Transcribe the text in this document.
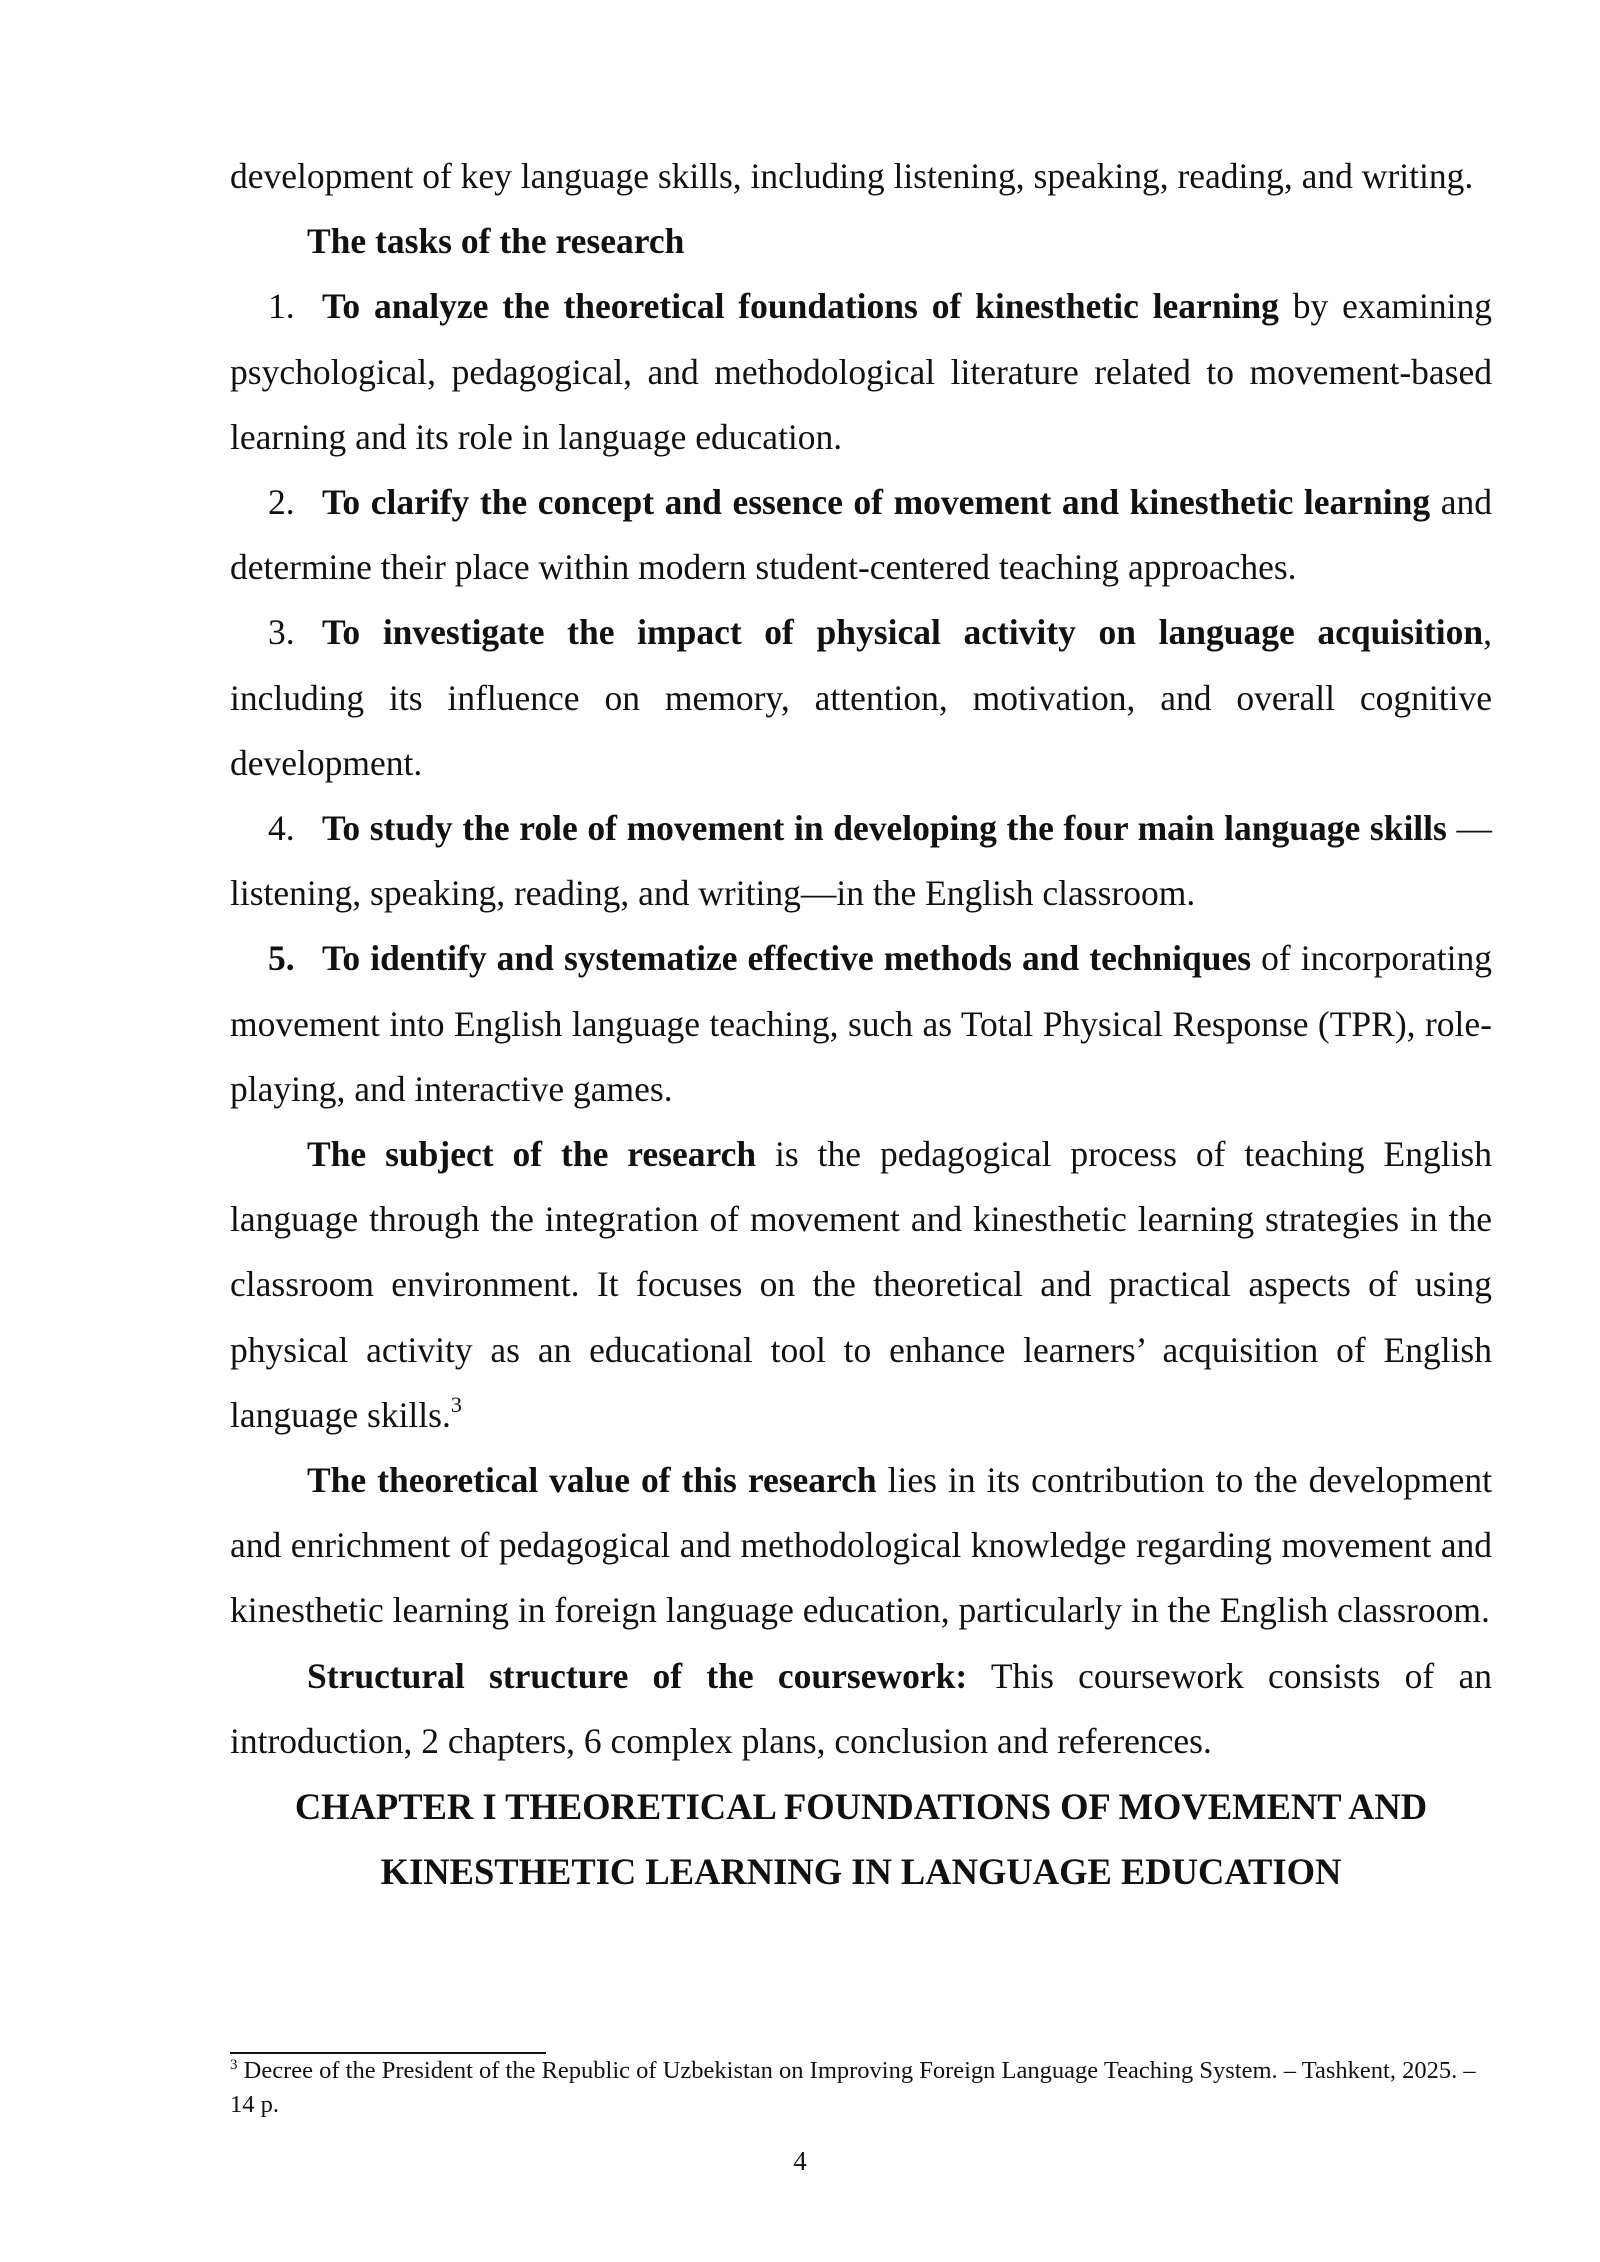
development of key language skills, including listening, speaking, reading, and writing.

The tasks of the research

1. To analyze the theoretical foundations of kinesthetic learning by examining psychological, pedagogical, and methodological literature related to movement-based learning and its role in language education.

2. To clarify the concept and essence of movement and kinesthetic learning and determine their place within modern student-centered teaching approaches.

3. To investigate the impact of physical activity on language acquisition, including its influence on memory, attention, motivation, and overall cognitive development.

4. To study the role of movement in developing the four main language skills —listening, speaking, reading, and writing—in the English classroom.

5. To identify and systematize effective methods and techniques of incorporating movement into English language teaching, such as Total Physical Response (TPR), role-playing, and interactive games.

The subject of the research is the pedagogical process of teaching English language through the integration of movement and kinesthetic learning strategies in the classroom environment. It focuses on the theoretical and practical aspects of using physical activity as an educational tool to enhance learners’ acquisition of English language skills.$^3$

The theoretical value of this research lies in its contribution to the development and enrichment of pedagogical and methodological knowledge regarding movement and kinesthetic learning in foreign language education, particularly in the English classroom.

Structural structure of the coursework: This coursework consists of an introduction, 2 chapters, 6 complex plans, conclusion and references.

CHAPTER I THEORETICAL FOUNDATIONS OF MOVEMENT AND
KINESTHETIC LEARNING IN LANGUAGE EDUCATION
$^3$ Decree of the President of the Republic of Uzbekistan on Improving Foreign Language Teaching System. – Tashkent, 2025. – 14 p.
4
